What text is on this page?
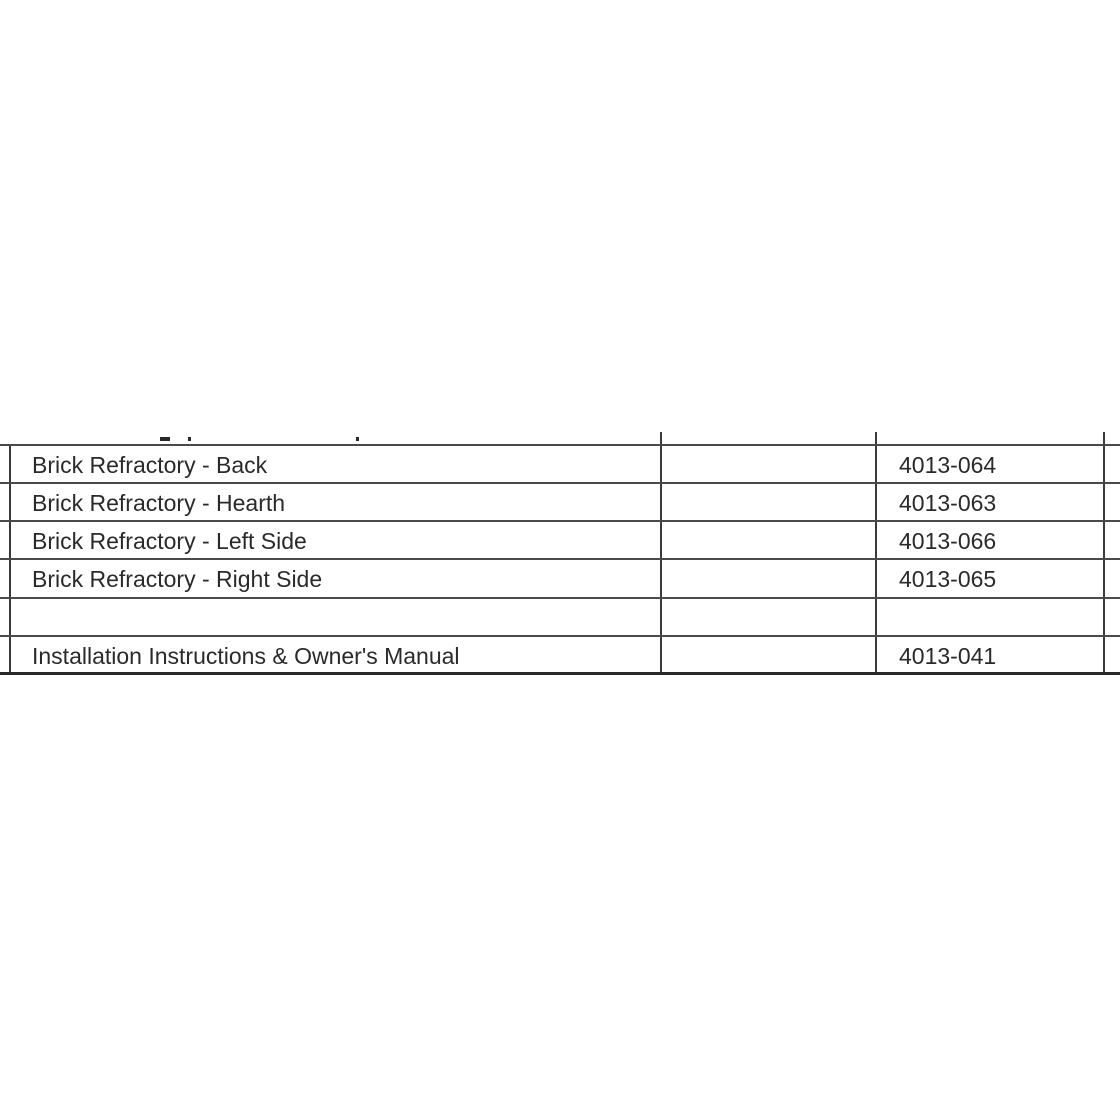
Brick Refractory - Back	4013-064
Brick Refractory - Hearth	4013-063
Brick Refractory - Left Side	4013-066
Brick Refractory - Right Side	4013-065
Installation Instructions & Owner's Manual	4013-041
